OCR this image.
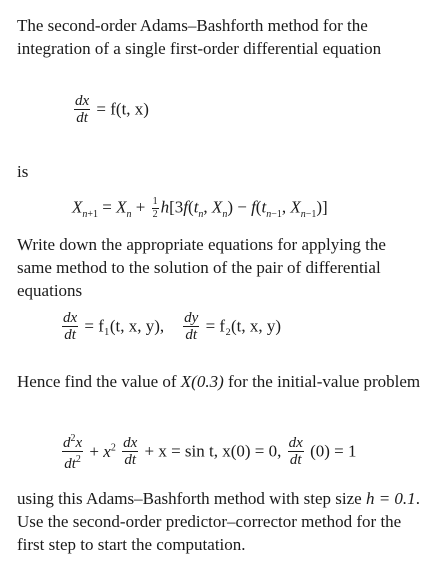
The second-order Adams–Bashforth method for the integration of a single first-order differential equation
$\frac{dx}{dt} = f(t$, x)
is
$X_{n+1} = X_n + \frac{1}{2} h[3f(t_n$, $X_n) - f(t_{n-1}$, $X_{n-1}$)]
Write down the appropriate equations for applying the same method to the solution of the pair of differential equations
$\frac{dx}{dt} = f_1(t$, x, y), $\frac{dy}{dt} = f_2(t$, x, y)
Hence find the value of X(0.3) for the initial-value problem
$\frac{d^2x}{dt^2} + x^2 \frac{dx}{dt} + x = \sin t$, x(0) = 0, $\frac{dx}{dt} (0) = 1$
using this Adams–Bashforth method with step size h = 0.1. Use the second-order predictor–corrector method for the first step to start the computation.
